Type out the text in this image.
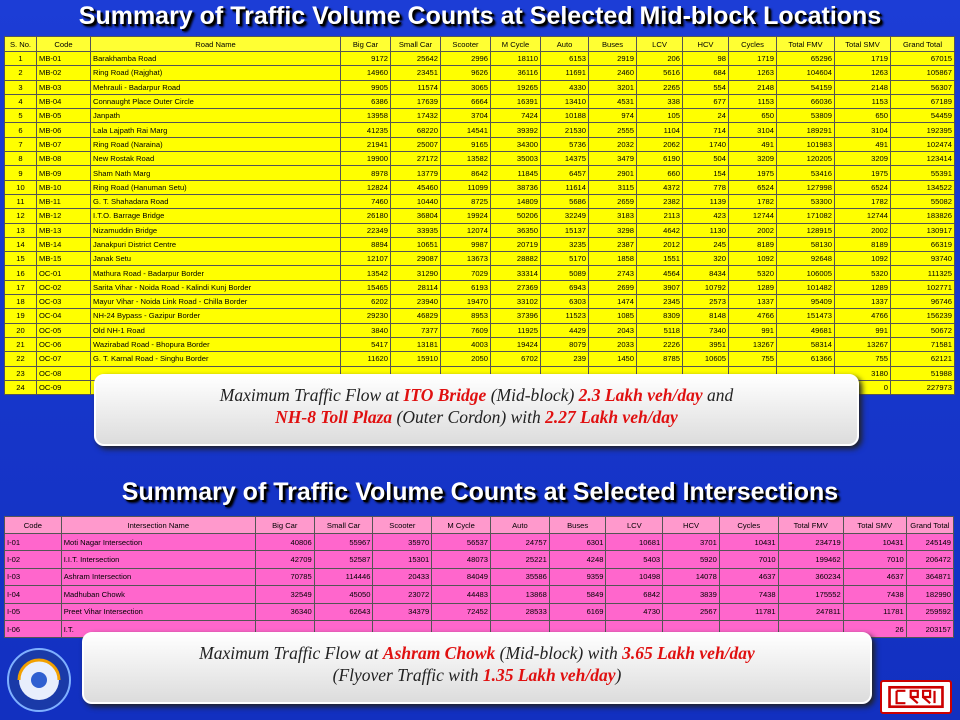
Summary of Traffic Volume Counts at Selected Mid-block Locations
S. No.	Code	Road Name	Big Car	Small Car	Scooter	M Cycle	Auto	Buses	LCV	HCV	Cycles	Total FMV	Total SMV	Grand Total
1	MB-01	Barakhamba Road	9172	25642	2996	18110	6153	2919	206	98	1719	65296	1719	67015
2	MB-02	Ring Road (Rajghat)	14960	23451	9626	36116	11691	2460	5616	684	1263	104604	1263	105867
3	MB-03	Mehrauli - Badarpur Road	9905	11574	3065	19265	4330	3201	2265	554	2148	54159	2148	56307
4	MB-04	Connaught Place Outer Circle	6386	17639	6664	16391	13410	4531	338	677	1153	66036	1153	67189
5	MB-05	Janpath	13958	17432	3704	7424	10188	974	105	24	650	53809	650	54459
6	MB-06	Lala Lajpath Rai Marg	41235	68220	14541	39392	21530	2555	1104	714	3104	189291	3104	192395
7	MB-07	Ring Road (Naraina)	21941	25007	9165	34300	5736	2032	2062	1740	491	101983	491	102474
8	MB-08	New Rostak Road	19900	27172	13582	35003	14375	3479	6190	504	3209	120205	3209	123414
9	MB-09	Sham Nath Marg	8978	13779	8642	11845	6457	2901	660	154	1975	53416	1975	55391
10	MB-10	Ring Road (Hanuman Setu)	12824	45460	11099	38736	11614	3115	4372	778	6524	127998	6524	134522
11	MB-11	G. T. Shahadara Road	7460	10440	8725	14809	5686	2659	2382	1139	1782	53300	1782	55082
12	MB-12	I.T.O. Barrage Bridge	26180	36804	19924	50206	32249	3183	2113	423	12744	171082	12744	183826
13	MB-13	Nizamuddin Bridge	22349	33935	12074	36350	15137	3298	4642	1130	2002	128915	2002	130917
14	MB-14	Janakpuri District Centre	8894	10651	9987	20719	3235	2387	2012	245	8189	58130	8189	66319
15	MB-15	Janak Setu	12107	29087	13673	28882	5170	1858	1551	320	1092	92648	1092	93740
16	OC-01	Mathura Road - Badarpur Border	13542	31290	7029	33314	5089	2743	4564	8434	5320	106005	5320	111325
17	OC-02	Sarita Vihar - Noida Road - Kalindi Kunj Border	15465	28114	6193	27369	6943	2699	3907	10792	1289	101482	1289	102771
18	OC-03	Mayur Vihar - Noida Link Road - Chilla Border	6202	23940	19470	33102	6303	1474	2345	2573	1337	95409	1337	96746
19	OC-04	NH-24 Bypass - Gazipur Border	29230	46829	8953	37396	11523	1085	8309	8148	4766	151473	4766	156239
20	OC-05	Old NH-1 Road	3840	7377	7609	11925	4429	2043	5118	7340	991	49681	991	50672
21	OC-06	Wazirabad Road - Bhopura Border	5417	13181	4003	19424	8079	2033	2226	3951	13267	58314	13267	71581
22	OC-07	G. T. Karnal Road - Singhu Border	11620	15910	2050	6702	239	1450	8785	10605	755	61366	755	62121
23	OC-08												3180	51988
24	OC-09												0	227973
Maximum Traffic Flow at ITO Bridge (Mid-block) 2.3 Lakh veh/day and
NH-8 Toll Plaza (Outer Cordon) with 2.27 Lakh veh/day
Summary of Traffic Volume Counts at Selected Intersections
Code	Intersection Name	Big Car	Small Car	Scooter	M Cycle	Auto	Buses	LCV	HCV	Cycles	Total FMV	Total SMV	Grand Total
I-01	Moti Nagar Intersection	40806	55967	35970	56537	24757	6301	10681	3701	10431	234719	10431	245149
I-02	I.I.T. Intersection	42709	52587	15301	48073	25221	4248	5403	5920	7010	199462	7010	206472
I-03	Ashram Intersection	70785	114446	20433	84049	35586	9359	10498	14078	4637	360234	4637	364871
I-04	Madhuban Chowk	32549	45050	23072	44483	13868	5849	6842	3839	7438	175552	7438	182990
I-05	Preet Vihar Intersection	36340	62643	34379	72452	28533	6169	4730	2567	11781	247811	11781	259592
I-06	I.T.											26	203157
Maximum Traffic Flow at Ashram Chowk (Mid-block) with 3.65 Lakh veh/day
(Flyover Traffic with 1.35 Lakh veh/day)
